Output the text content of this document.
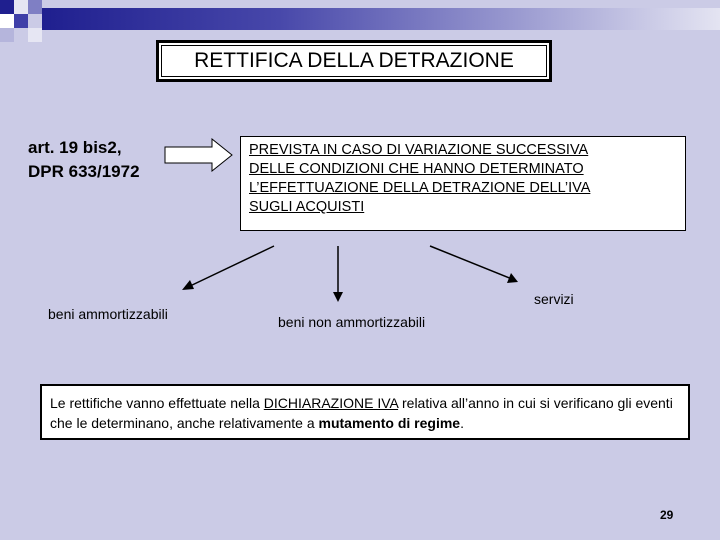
RETTIFICA DELLA DETRAZIONE
art. 19 bis2,
DPR 633/1972
PREVISTA IN CASO DI VARIAZIONE SUCCESSIVA
DELLE CONDIZIONI CHE HANNO DETERMINATO
L’EFFETTUAZIONE DELLA DETRAZIONE DELL’IVA
SUGLI ACQUISTI
beni ammortizzabili	beni non ammortizzabili
servizi
Le rettifiche vanno effettuate nella DICHIARAZIONE IVA relativa all’anno in cui si verificano gli eventi che le determinano, anche relativamente a mutamento di regime.
29
